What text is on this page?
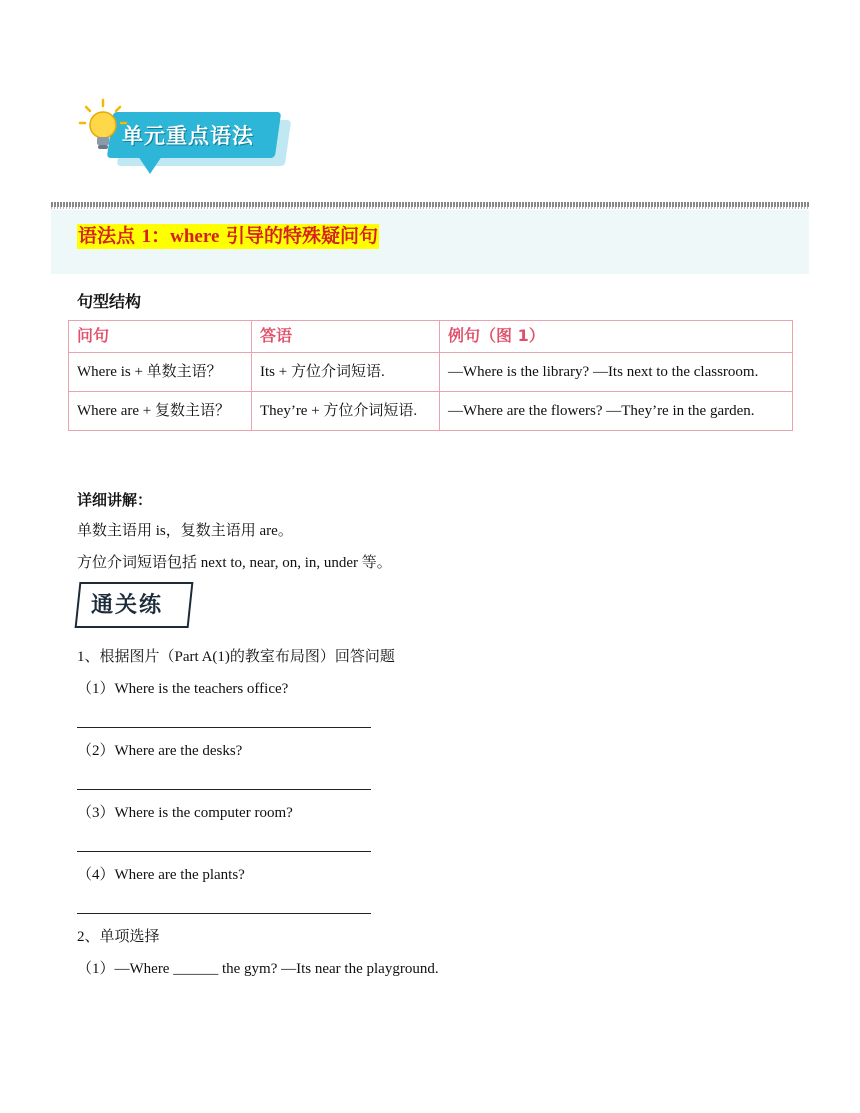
单元重点语法
语法点 1：where 引导的特殊疑问句
句型结构
问句	答语	例句（图 1）
Where is + 单数主语？	Its + 方位介词短语.	—Where is the library? —Its next to the classroom.
Where are + 复数主语？	They’re + 方位介词短语.	—Where are the flowers? —They’re in the garden.
详细讲解：
单数主语用 is，复数主语用 are。
方位介词短语包括 next to, near, on, in, under 等。
通关练
1、根据图片（Part A(1)的教室布局图）回答问题
（1）Where is the teachers office?
（2）Where are the desks?
（3）Where is the computer room?
（4）Where are the plants?
2、单项选择
（1）—Where ______ the gym? —Its near the playground.
